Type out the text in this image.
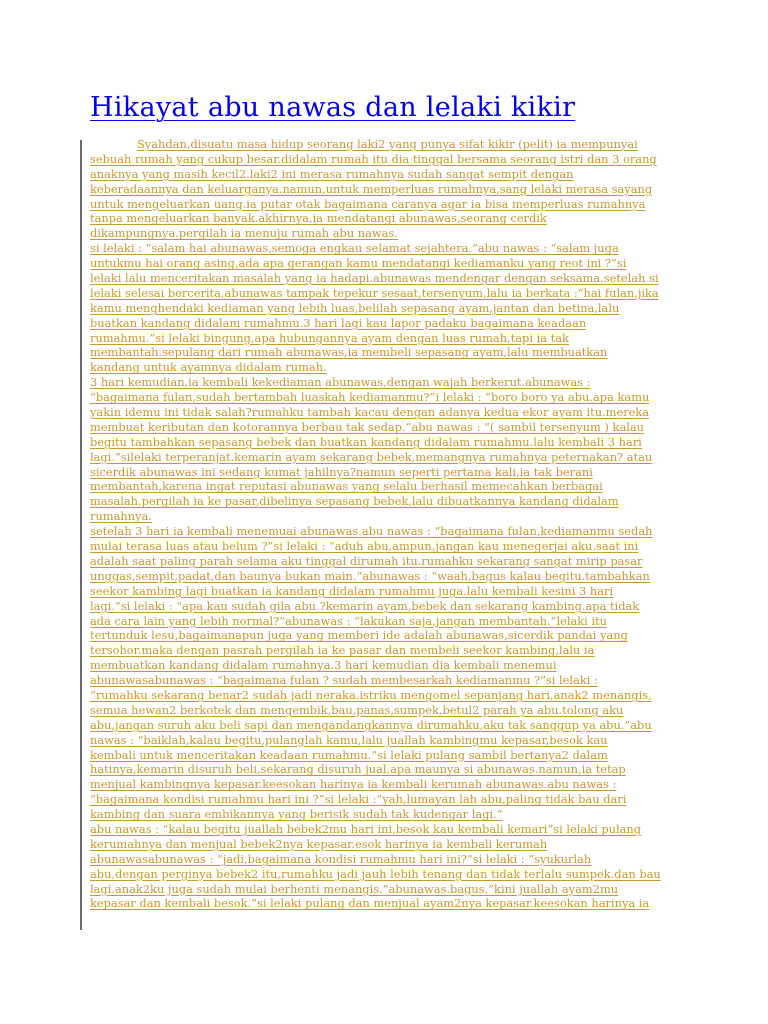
Hikayat abu nawas dan lelaki kikir
Syahdan,disuatu masa hidup seorang laki2 yang punya sifat kikir (pelit) ia mempunyai
sebuah rumah yang cukup besar.didalam rumah itu dia tinggal bersama seorang istri dan 3 orang
anaknya yang masih kecil2.laki2 ini merasa rumahnya sudah sangat sempit dengan
keberadaannya dan keluarganya.namun,untuk memperluas rumahnya,sang lelaki merasa sayang
untuk mengeluarkan uang.ia putar otak bagaimana caranya agar ia bisa memperluas rumahnya
tanpa mengeluarkan banyak.akhirnya,ia mendatangi abunawas,seorang cerdik
dikampungnya.pergilah ia menuju rumah abu nawas.
si lelaki : “salam hai abunawas,semoga engkau selamat sejahtera.”abu nawas : “salam juga
untukmu hai orang asing,ada apa gerangan kamu mendatangi kediamanku yang reot ini ?”si
lelaki lalu menceritakan masalah yang ia hadapi.abunawas mendengar dengan seksama.setelah si
lelaki selesai bercerita,abunawas tampak tepekur sesaat,tersenyum,lalu ia berkata :“hai fulan,jika
kamu menghendaki kediaman yang lebih luas,belilah sepasang ayam,jantan dan betina,lalu
buatkan kandang didalam rumahmu.3 hari lagi kau lapor padaku bagaimana keadaan
rumahmu.”si lelaki bingung,apa hubungannya ayam dengan luas rumah,tapi ia tak
membantah.sepulang dari rumah abunawas,ia membeli sepasang ayam,lalu membuatkan
kandang untuk ayamnya didalam rumah.
3 hari kemudian,ia kembali kekediaman abunawas,dengan wajah berkerut.abunawas :
“bagaimana fulan,sudah bertambah luaskah kediamanmu?”i lelaki : “boro boro ya abu.apa kamu
yakin idemu ini tidak salah?rumahku tambah kacau dengan adanya kedua ekor ayam itu.mereka
membuat keributan dan kotorannya berbau tak sedap.”abu nawas : “( sambil tersenyum ) kalau
begitu tambahkan sepasang bebek dan buatkan kandang didalam rumahmu.lalu kembali 3 hari
lagi.”silelaki terperanjat.kemarin ayam sekarang bebek,memangnya rumahnya peternakan? atau
sicerdik abunawas ini sedang kumat jahilnya?namun seperti pertama kali,ia tak berani
membantah,karena ingat reputasi abunawas yang selalu berhasil memecahkan berbagai
masalah.pergilah ia ke pasar,dibelinya sepasang bebek,lalu dibuatkannya kandang didalam
rumahnya.
setelah 3 hari ia kembali menemuai abunawas.abu nawas : “bagaimana fulan,kediamanmu sedah
mulai terasa luas atau belum ?”si lelaki : “aduh abu,ampun,jangan kau menegerjai aku.saat ini
adalah saat paling parah selama aku tinggal dirumah itu.rumahku sekarang sangat mirip pasar
unggas,sempit,padat,dan baunya bukan main.”abunawas : “waah,bagus kalau begitu.tambahkan
seekor kambing lagi buatkan ia kandang didalam rumahmu juga.lalu kembali kesini 3 hari
lagi.”si lelaki : “apa kau sudah gila abu ?kemarin ayam,bebek dan sekarang kambing.apa tidak
ada cara lain yang lebih normal?”abunawas : “lakukan saja,jangan membantah.”lelaki itu
tertunduk lesu,bagaimanapun juga yang memberi ide adalah abunawas,sicerdik pandai yang
tersohor.maka dengan pasrah pergilah ia ke pasar dan membeli seekor kambing,lalu ia
membuatkan kandang didalam rumahnya.3 hari kemudian dia kembali menemui
abunawasabunawas : “bagaimana fulan ? sudah membesarkah kediamanmu ?”si lelaki :
“rumahku sekarang benar2 sudah jadi neraka.istriku mengomel sepanjang hari,anak2 menangis,
semua hewan2 berkotek dan mengembik,bau,panas,sumpek,betul2 parah ya abu.tolong aku
abu,jangan suruh aku beli sapi dan mengandangkannya dirumahku,aku tak sanggup ya abu.”abu
nawas : “baiklah,kalau begitu,pulanglah kamu,lalu juallah kambingmu kepasar,besok kau
kembali untuk menceritakan keadaan rumahmu.”si lelaki pulang sambil bertanya2 dalam
hatinya,kemarin disuruh beli,sekarang disuruh jual,apa maunya si abunawas.namun,ia tetap
menjual kambingnya kepasar.keesokan harinya ia kembali kerumah abunawas.abu nawas :
“bagaimana kondisi rumahmu hari ini ?”si lelaki :“yah,lumayan lah abu,paling tidak bau dari
kambing dan suara embikannya yang berisik sudah tak kudengar lagi.”
abu nawas : “kalau begitu juallah bebek2mu hari ini,besok kau kembali kemari”si lelaki pulang
kerumahnya dan menjual bebek2nya kepasar.esok harinya ia kembali kerumah
abunawasabunawas : “jadi,bagaimana kondisi rumahmu hari ini?”si lelaki : “syukurlah
abu,dengan perginya bebek2 itu,rumahku jadi jauh lebih tenang dan tidak terlalu sumpek.dan bau
lagi.anak2ku juga sudah mulai berhenti menangis.”abunawas.bagus.”kini juallah ayam2mu
kepasar dan kembali besok.”si lelaki pulang dan menjual ayam2nya kepasar.keesokan harinya ia
